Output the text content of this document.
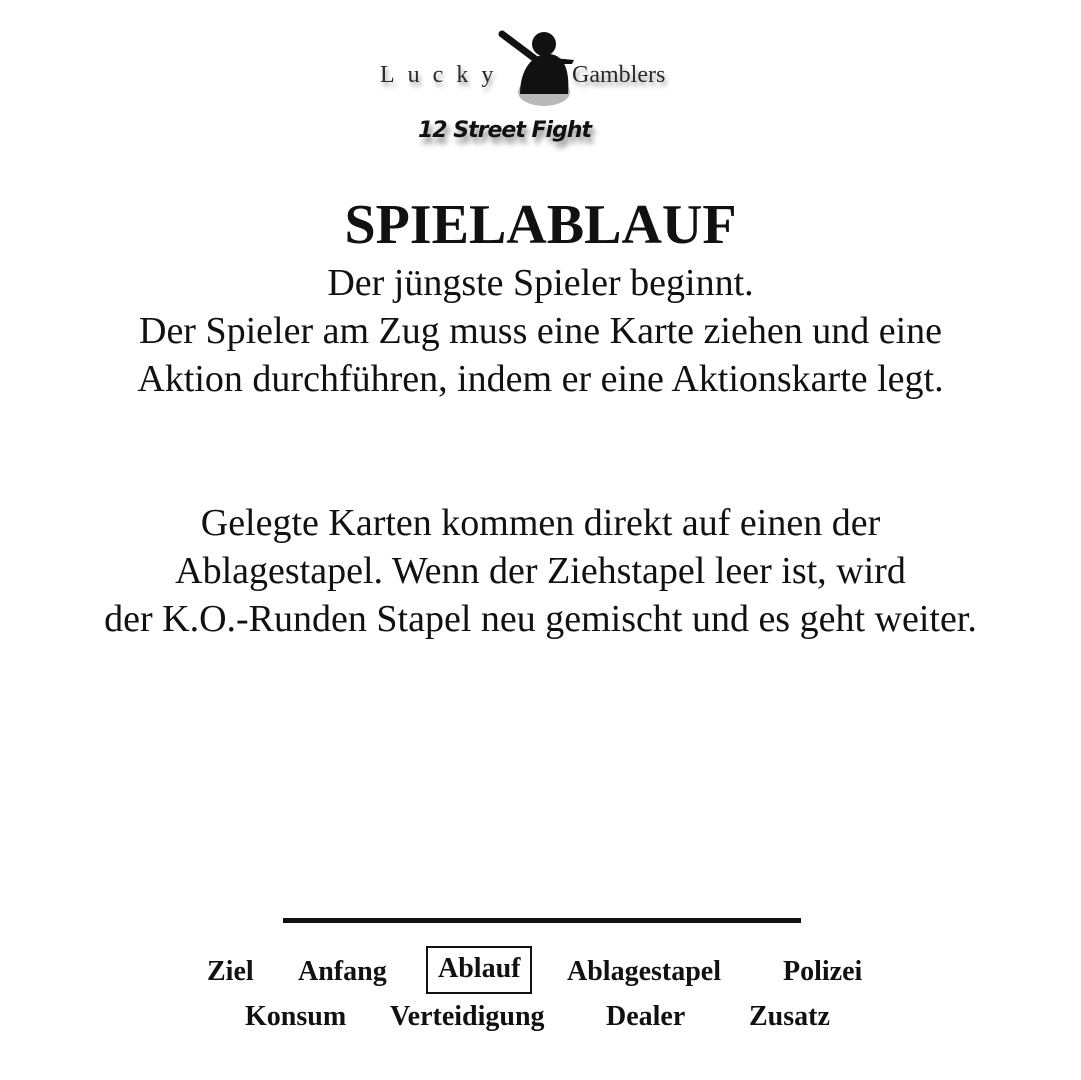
Lucky	Gamblers
12 Street Fight
SPIELABLAUF
Der jüngste Spieler beginnt.
Der Spieler am Zug muss eine Karte ziehen und eine
Aktion durchführen, indem er eine Aktionskarte legt.
Gelegte Karten kommen direkt auf einen der
Ablagestapel. Wenn der Ziehstapel leer ist, wird
der K.O.-Runden Stapel neu gemischt und es geht weiter.
Ziel Anfang	Ablauf	Ablagestapel Polizei
Konsum Verteidigung Dealer Zusatz
